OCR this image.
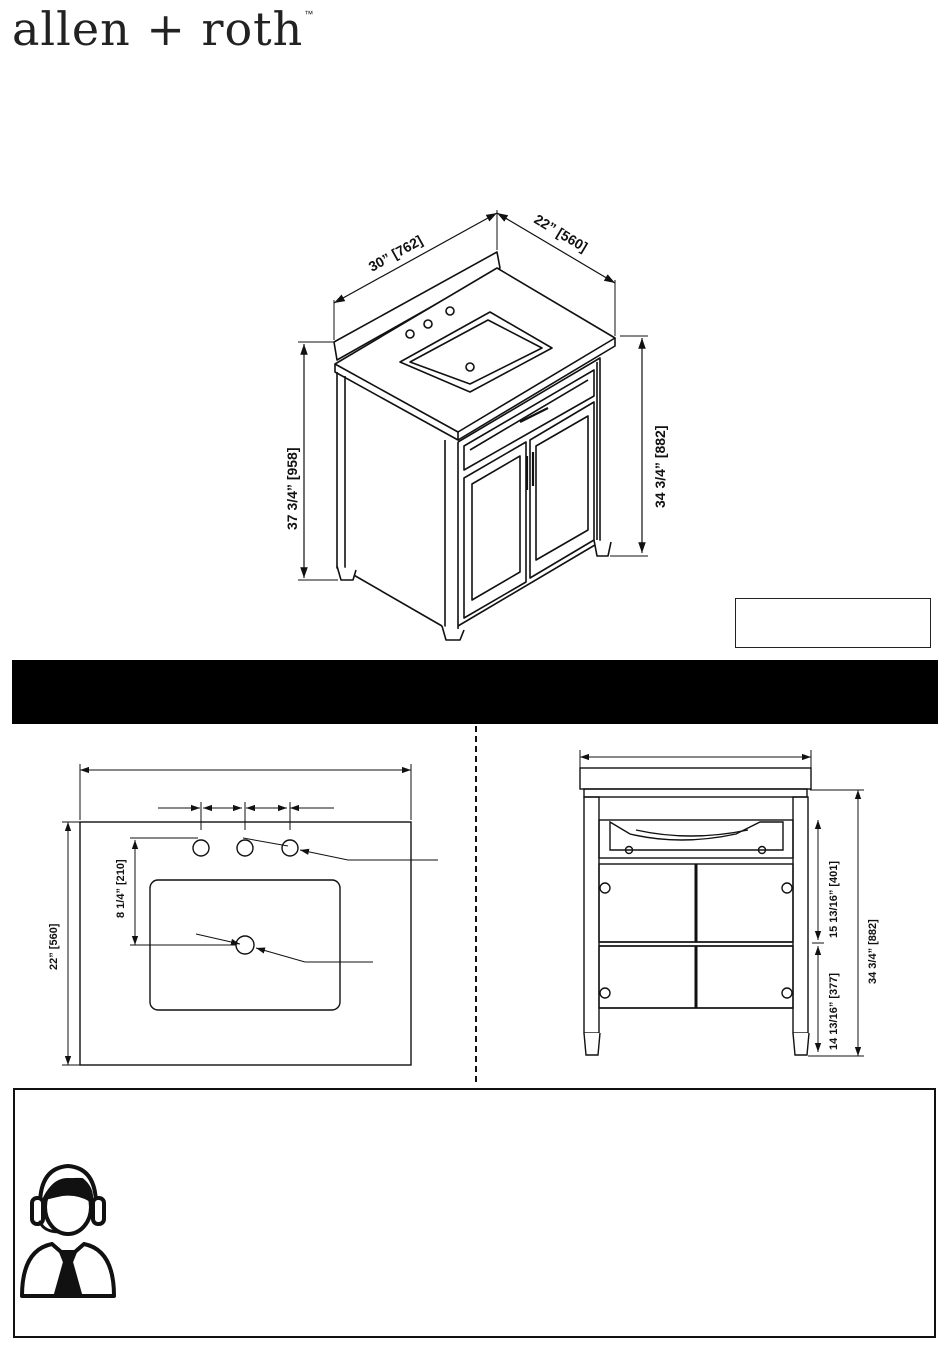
allen + roth™
30” [762]	22” [560]
37 3/4” [958]	34 3/4” [882]
22” [560]
8 1/4” [210]	15 13/16” [401]
14 13/16” [377]
34 3/4” [882]
